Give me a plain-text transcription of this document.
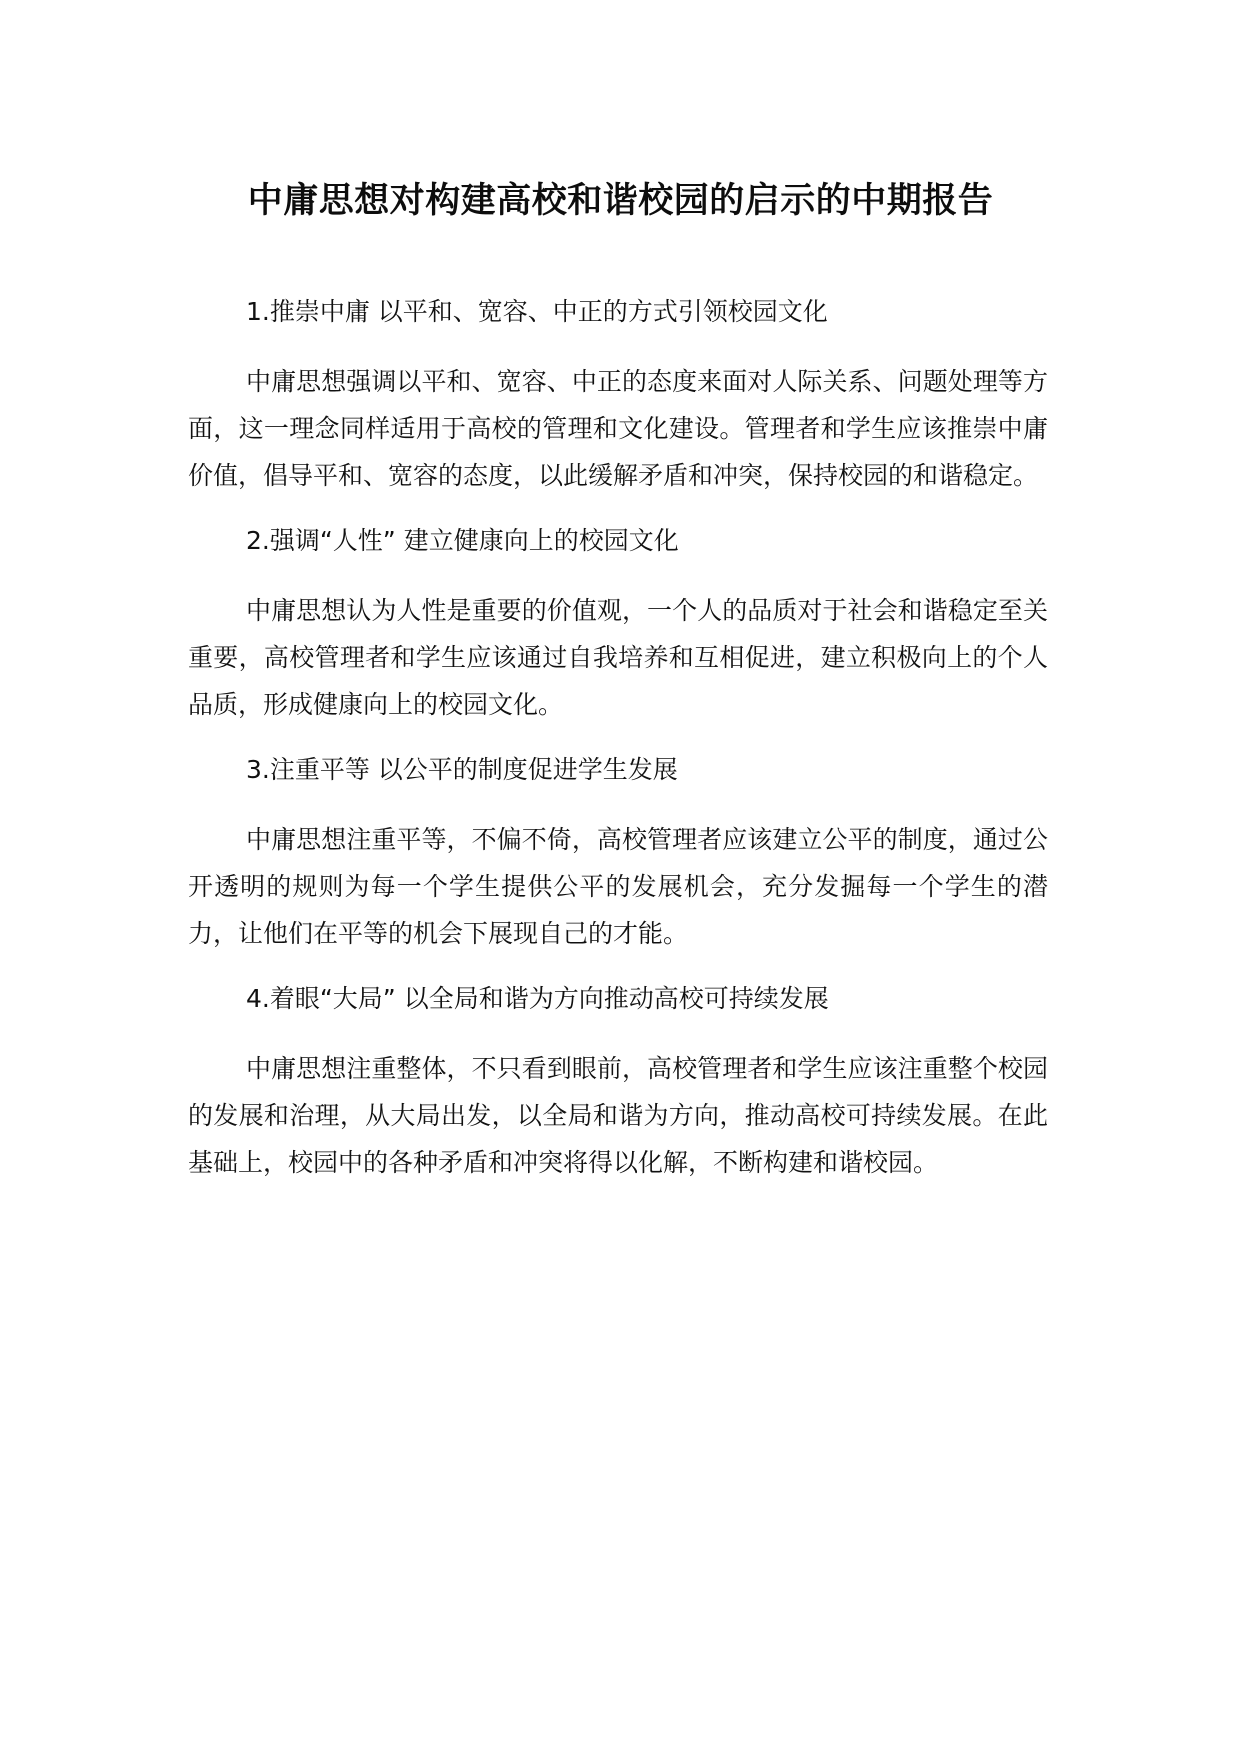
中庸思想对构建高校和谐校园的启示的中期报告
1.推崇中庸 以平和、宽容、中正的方式引领校园文化
中庸思想强调以平和、宽容、中正的态度来面对人际关系、问题处理等方面，这一理念同样适用于高校的管理和文化建设。管理者和学生应该推崇中庸价值，倡导平和、宽容的态度，以此缓解矛盾和冲突，保持校园的和谐稳定。
2.强调“人性” 建立健康向上的校园文化
中庸思想认为人性是重要的价值观，一个人的品质对于社会和谐稳定至关重要，高校管理者和学生应该通过自我培养和互相促进，建立积极向上的个人品质，形成健康向上的校园文化。
3.注重平等 以公平的制度促进学生发展
中庸思想注重平等，不偏不倚，高校管理者应该建立公平的制度，通过公开透明的规则为每一个学生提供公平的发展机会，充分发掘每一个学生的潜力，让他们在平等的机会下展现自己的才能。
4.着眼“大局” 以全局和谐为方向推动高校可持续发展
中庸思想注重整体，不只看到眼前，高校管理者和学生应该注重整个校园的发展和治理，从大局出发，以全局和谐为方向，推动高校可持续发展。在此基础上，校园中的各种矛盾和冲突将得以化解，不断构建和谐校园。
